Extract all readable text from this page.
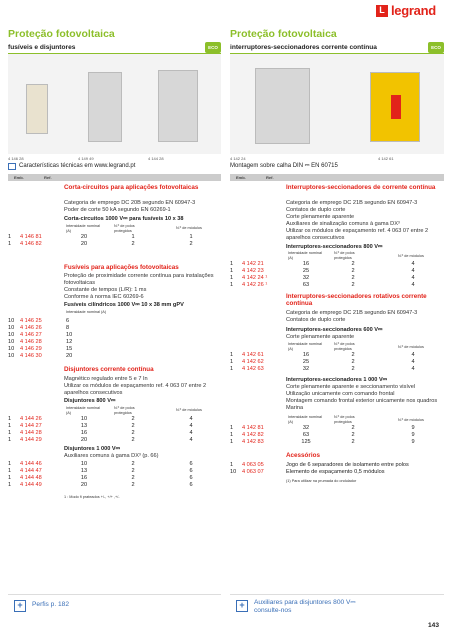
L legrand
Proteção fotovoltaica
fusíveis e disjuntores	ECO
Proteção fotovoltaica
interruptores-seccionadores corrente contínua	ECO
4 146 28	4 149 49	4 144 28	4 142 24	4 142 61
Características técnicas em www.legrand.pt	Montagem sobre calha DIN ⎓ EN 60715
Emb.	Ref.	Emb.	Ref.
Corta-circuitos para aplicações fotovoltaicas
Categoria de emprego DC 20B segundo EN 60947-3
Poder de corte 50 kA segundo EN 60269-1
Corta-circuitos 1000 V⎓ para fusíveis 10 x 38
Intensidade nominal (A)
N.º de polos protegidos
N.º de módulos
1 4 146 81	20	1	1
1 4 146 82	20	2	2
Fusíveis para aplicações fotovoltaicas
Proteção de proximidade corrente contínua para instalações fotovoltaicas
Constante de tempos (L/R): 1 ms
Conforme à norma IEC 60269-6
Fusíveis cilíndricos 1000 V⎓ 10 x 38 mm gPV
Intensidade nominal (A)
10 4 146 25	6
10 4 146 26	8
10 4 146 27	10
10 4 146 28	12
10 4 146 29	15
10 4 146 30	20
Disjuntores corrente contínua
Magnético regulado entre 5 e 7 In
Utilizar os módulos de espaçamento ref. 4 063 07 entre 2 aparelhos consecutivos
Disjuntores 800 V⎓
Intensidade nominal (A)
N.º de polos protegidos
N.º de módulos
1 4 144 26	10	2	4
1 4 144 27	13	2	4
1 4 144 28	16	2	4
1 4 144 29	20	2	4
Disjuntores 1 000 V⎓
Auxiliares comuns à gama DX³ (p. 66)
1 4 144 46	10	2	6
1 4 144 47	13	2	6
1 4 144 48	16	2	6
1 4 144 49	20	2	6
1 : Modo fi prateados +/-, +/+ ,+/-
Interruptores-seccionadores de corrente contínua
Categoria de emprego DC 21B segundo EN 60947-3
Contatos de duplo corte
Corte plenamente aparente
Auxiliares de sinalização comuns à gama DX³
Utilizar os módulos de espaçamento ref. 4 063 07 entre 2 aparelhos consecutivos
Interruptores-seccionadores 800 V⎓
Intensidade nominal (A)
N.º de polos protegidos	N.º de módulos
1 4 142 21	16	2	4
1 4 142 23	25	2	4
1 4 142 24 ¹	32	2	4
1 4 142 26 ¹	63	2	4
Interruptores-seccionadores rotativos corrente contínua
Categoria de emprego DC 21B segundo EN 60947-3
Contatos de duplo corte
Interruptores-seccionadores 600 V⎓
Corte plenamente aparente
Intensidade nominal (A)
N.º de polos protegidos	N.º de módulos
1 4 142 61	16	2	4
1 4 142 62	25	2	4
1 4 142 63	32	2	4
Interruptores-seccionadores 1 000 V⎓
Corte plenamente aparente e seccionamento visível
Utilização unicamente com comando frontal
Montagem comando frontal exterior unicamente nos quadros Marina
Intensidade nominal (A)
N.º de polos protegidos	N.º de módulos
1 4 142 81	32	2	9
1 4 142 82	63	2	9
1 4 142 83	125	2	9
Acessórios
1 4 063 05	Jogo de 6 separadores de isolamento entre polos
10 4 063 07	Elemento de espaçamento 0,5 módulos
(1) Para utilizar na prumada do ondulador
+	Perfis p. 182	+	Auxiliares para disjuntores 800 V⎓
consulte-nos
143
